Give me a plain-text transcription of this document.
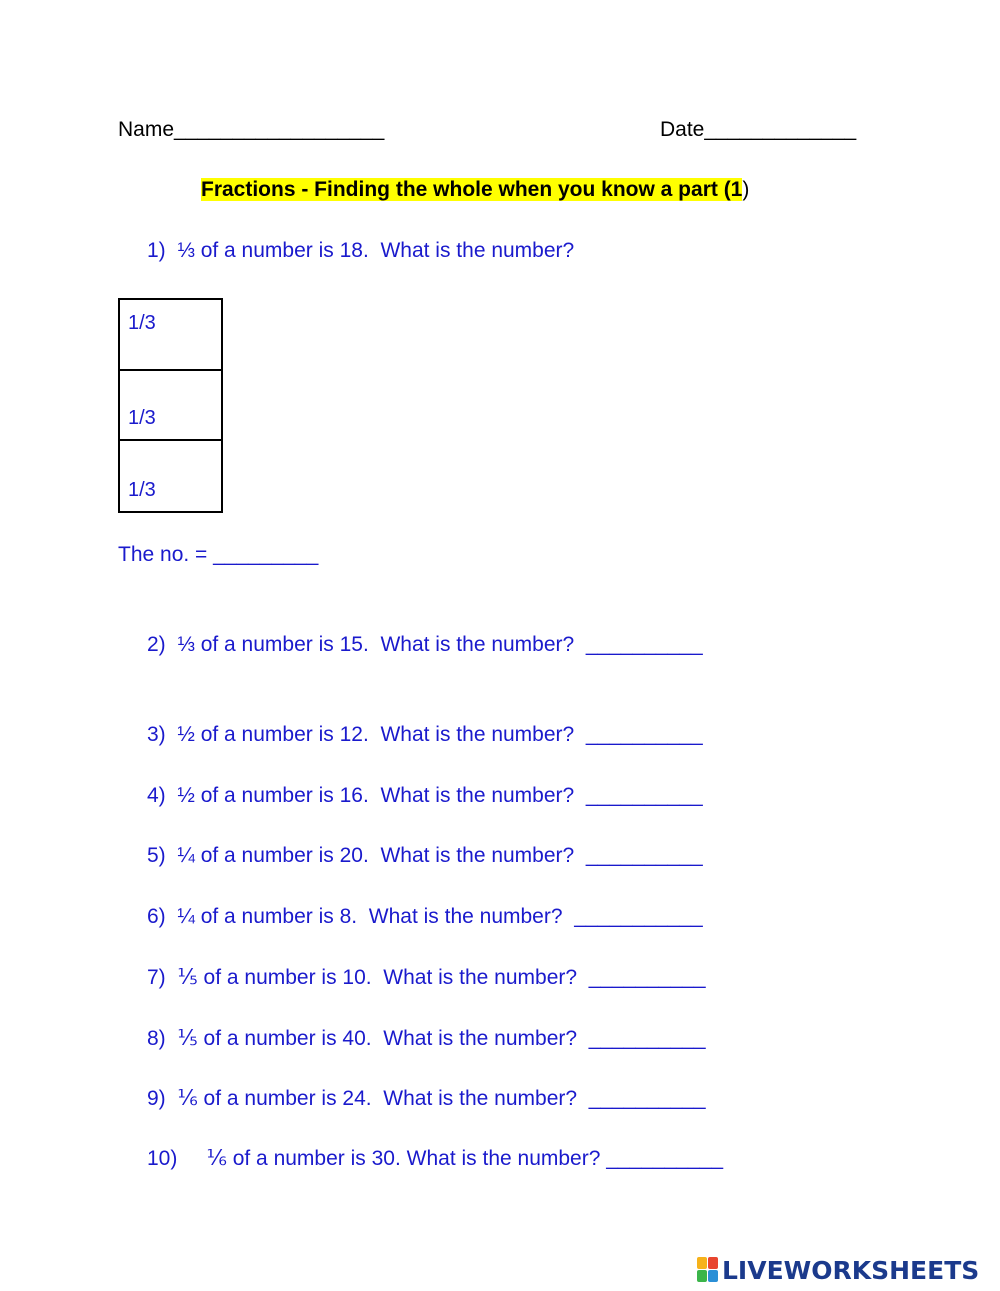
Name__________________	Date_____________
Fractions - Finding the whole when you know a part (1)
1)  ⅓ of a number is 18.  What is the number?
1/3
1/3
1/3
The no. = _________
2)  ⅓ of a number is 15.  What is the number?  __________
3)  ½ of a number is 12.  What is the number?  __________
4)  ½ of a number is 16.  What is the number?  __________
5)  ¼ of a number is 20.  What is the number?  __________
6)  ¼ of a number is 8.  What is the number?  ___________
7)  ⅕ of a number is 10.  What is the number?  __________
8)  ⅕ of a number is 40.  What is the number?  __________
9)  ⅙ of a number is 24.  What is the number?  __________
10)     ⅙ of a number is 30. What is the number? __________
LIVEWORKSHEETS
